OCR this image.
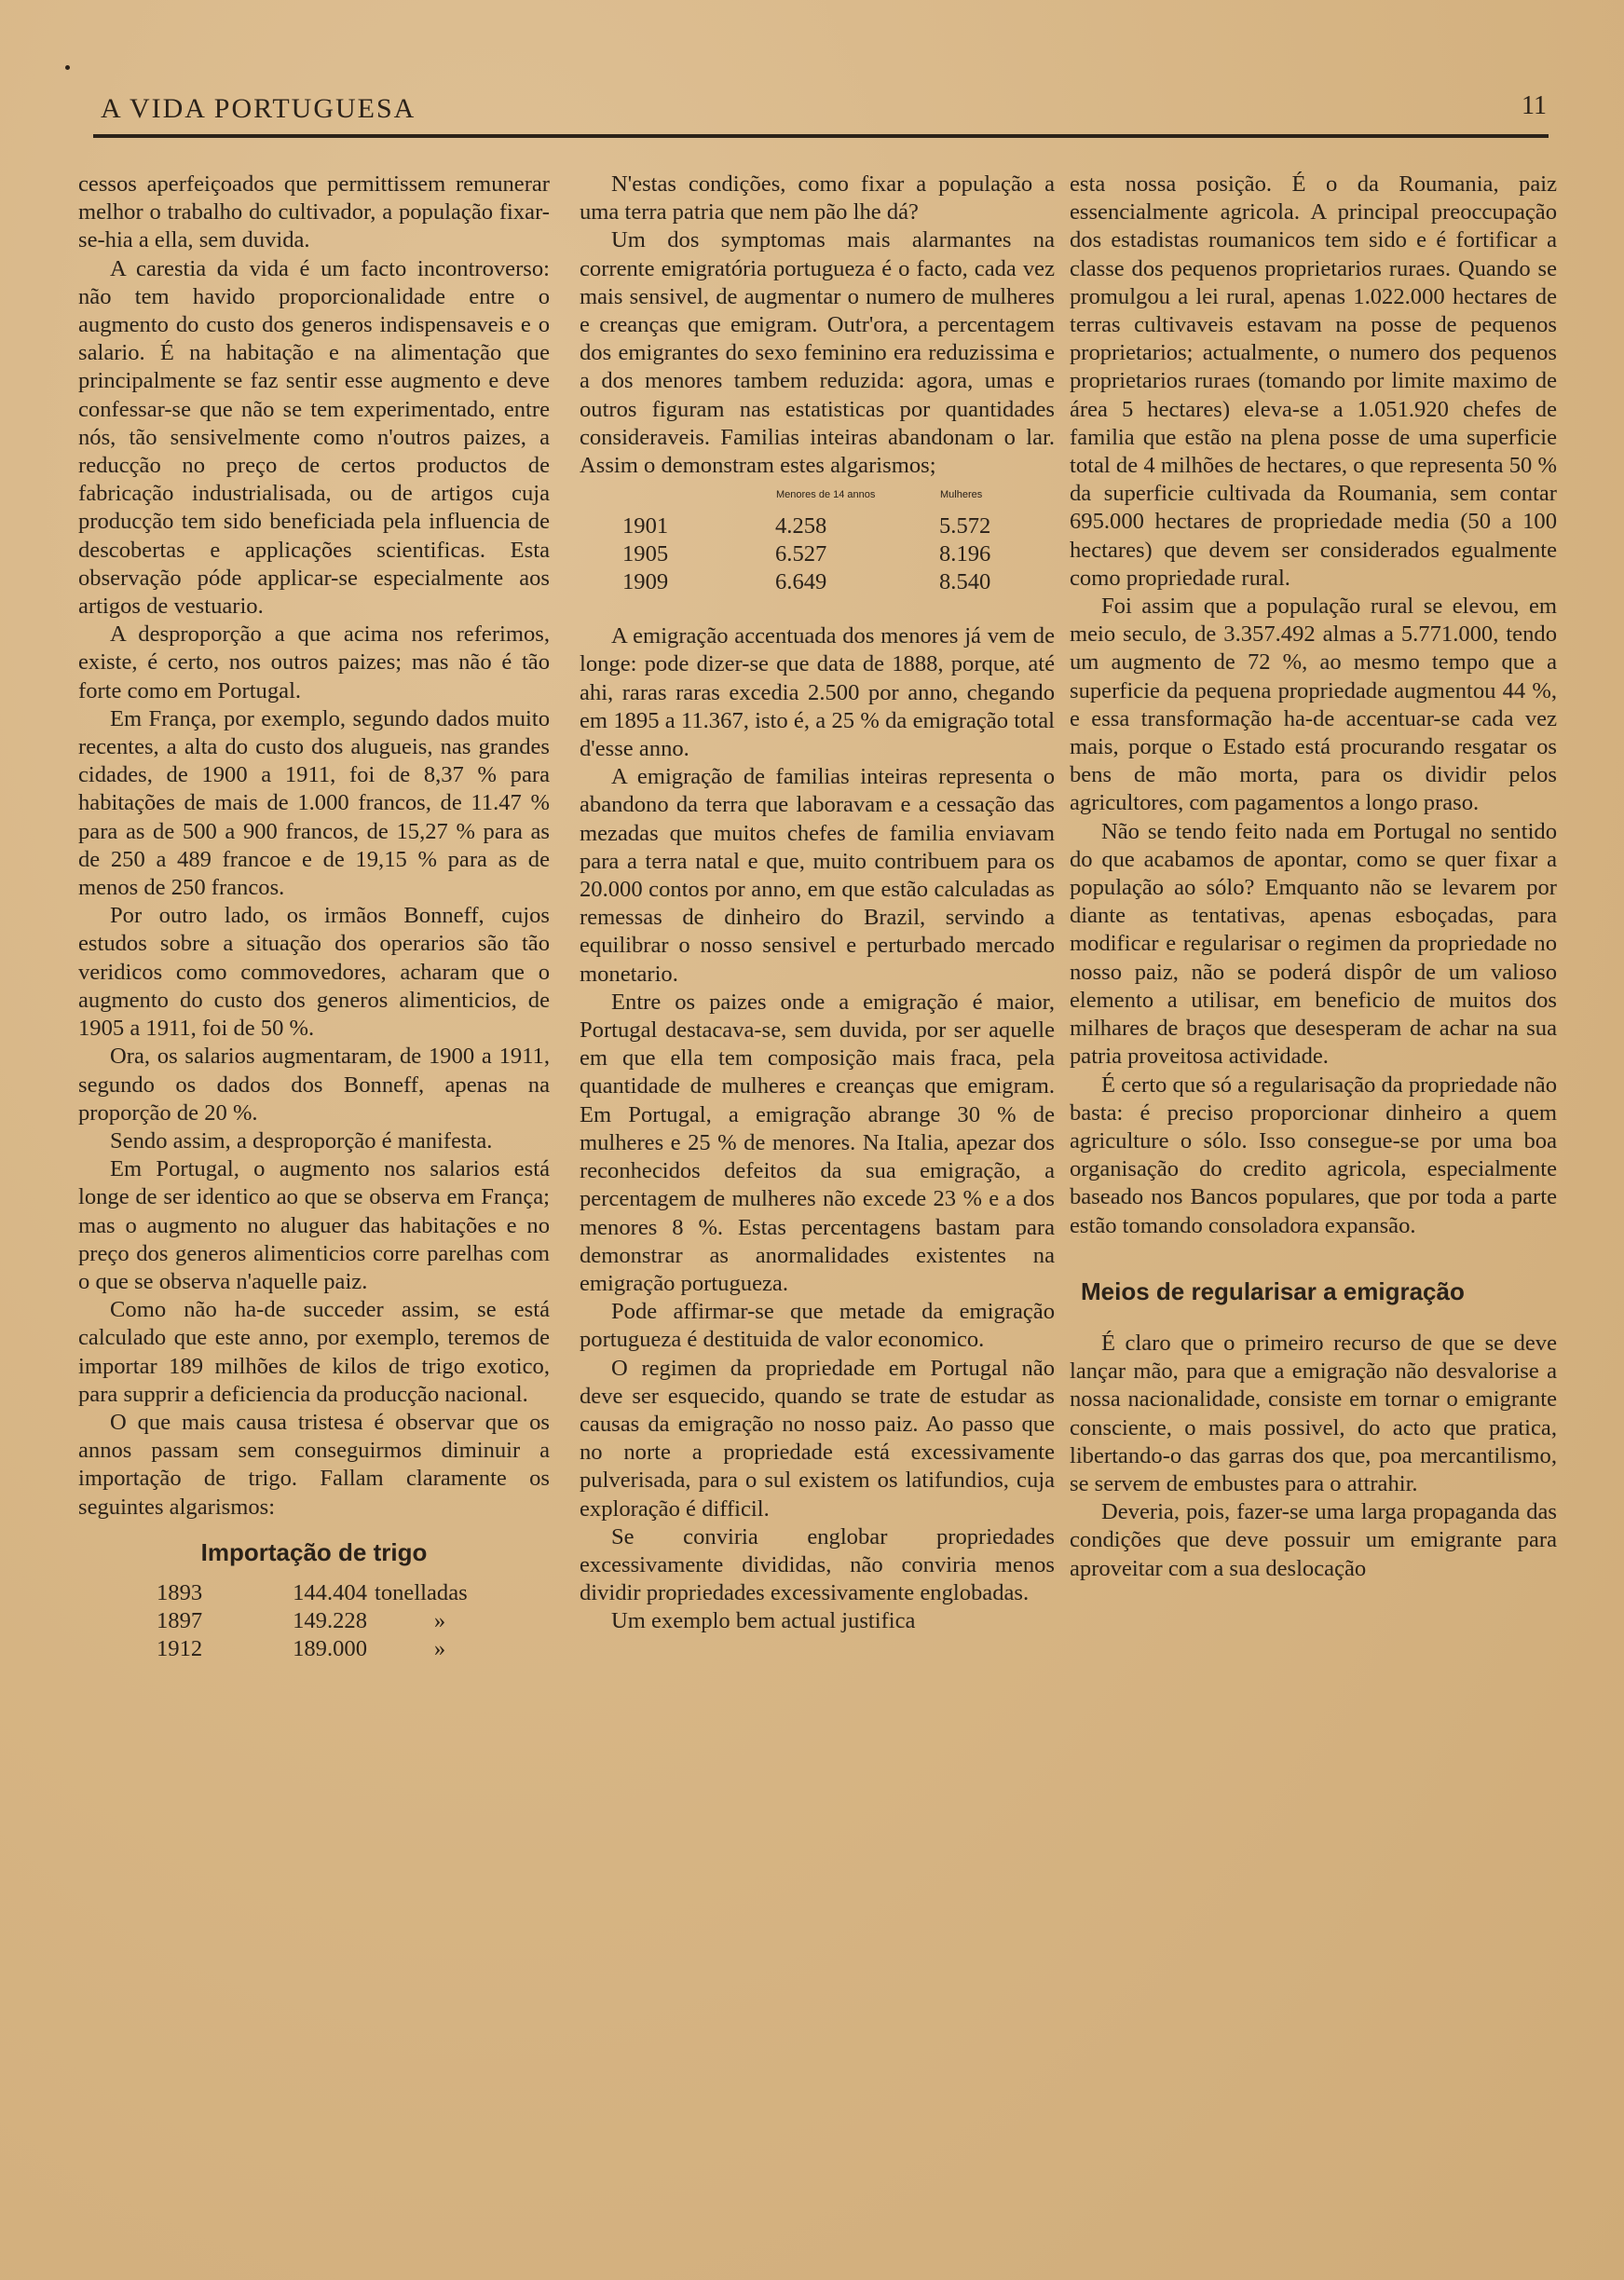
A VIDA PORTUGUESA	11

cessos aperfeiçoados que permittissem remunerar melhor o trabalho do cultivador, a população fixar-se-hia a ella, sem duvida.

A carestia da vida é um facto incontroverso: não tem havido proporcionalidade entre o augmento do custo dos generos indispensaveis e o salario. É na habitação e na alimentação que principalmente se faz sentir esse augmento e deve confessar-se que não se tem experimentado, entre nós, tão sensivelmente como n'outros paizes, a reducção no preço de certos productos de fabricação industrialisada, ou de artigos cuja producção tem sido beneficiada pela influencia de descobertas e applicações scientificas. Esta observação póde applicar-se especialmente aos artigos de vestuario.

A desproporção a que acima nos referimos, existe, é certo, nos outros paizes; mas não é tão forte como em Portugal.

Em França, por exemplo, segundo dados muito recentes, a alta do custo dos alugueis, nas grandes cidades, de 1900 a 1911, foi de 8,37 % para habitações de mais de 1.000 francos, de 11.47 % para as de 500 a 900 francos, de 15,27 % para as de 250 a 489 francoe e de 19,15 % para as de menos de 250 francos.

Por outro lado, os irmãos Bonneff, cujos estudos sobre a situação dos operarios são tão veridicos como commovedores, acharam que o augmento do custo dos generos alimenticios, de 1905 a 1911, foi de 50 %.

Ora, os salarios augmentaram, de 1900 a 1911, segundo os dados dos Bonneff, apenas na proporção de 20 %.

Sendo assim, a desproporção é manifesta.

Em Portugal, o augmento nos salarios está longe de ser identico ao que se observa em França; mas o augmento no aluguer das habitações e no preço dos generos alimenticios corre parelhas com o que se observa n'aquelle paiz.

Como não ha-de succeder assim, se está calculado que este anno, por exemplo, teremos de importar 189 milhões de kilos de trigo exotico, para supprir a deficiencia da producção nacional.

O que mais causa tristesa é observar que os annos passam sem conseguirmos diminuir a importação de trigo. Fallam claramente os seguintes algarismos:

Importação de trigo
1893	144.404	tonelladas
1897	149.228	»
1912	189.000	»

N'estas condições, como fixar a população a uma terra patria que nem pão lhe dá?

Um dos symptomas mais alarmantes na corrente emigratória portugueza é o facto, cada vez mais sensivel, de augmentar o numero de mulheres e creanças que emigram. Outr'ora, a percentagem dos emigrantes do sexo feminino era reduzissima e a dos menores tambem reduzida: agora, umas e outros figuram nas estatisticas por quantidades consideraveis. Familias inteiras abandonam o lar. Assim o demonstram estes algarismos;

	Menores de 14 annos	Mulheres
1901	4.258	5.572
1905	6.527	8.196
1909	6.649	8.540

A emigração accentuada dos menores já vem de longe: pode dizer-se que data de 1888, porque, até ahi, raras raras excedia 2.500 por anno, chegando em 1895 a 11.367, isto é, a 25 % da emigração total d'esse anno.

A emigração de familias inteiras representa o abandono da terra que laboravam e a cessação das mezadas que muitos chefes de familia enviavam para a terra natal e que, muito contribuem para os 20.000 contos por anno, em que estão calculadas as remessas de dinheiro do Brazil, servindo a equilibrar o nosso sensivel e perturbado mercado monetario.

Entre os paizes onde a emigração é maior, Portugal destacava-se, sem duvida, por ser aquelle em que ella tem composição mais fraca, pela quantidade de mulheres e creanças que emigram. Em Portugal, a emigração abrange 30 % de mulheres e 25 % de menores. Na Italia, apezar dos reconhecidos defeitos da sua emigração, a percentagem de mulheres não excede 23 % e a dos menores 8 %. Estas percentagens bastam para demonstrar as anormalidades existentes na emigração portugueza.

Pode affirmar-se que metade da emigração portugueza é destituida de valor economico.

O regimen da propriedade em Portugal não deve ser esquecido, quando se trate de estudar as causas da emigração no nosso paiz. Ao passo que no norte a propriedade está excessivamente pulverisada, para o sul existem os latifundios, cuja exploração é difficil.

Se conviria englobar propriedades excessivamente divididas, não conviria menos dividir propriedades excessivamente englobadas.

Um exemplo bem actual justifica

esta nossa posição. É o da Roumania, paiz essencialmente agricola. A principal preoccupação dos estadistas roumanicos tem sido e é fortificar a classe dos pequenos proprietarios ruraes. Quando se promulgou a lei rural, apenas 1.022.000 hectares de terras cultivaveis estavam na posse de pequenos proprietarios; actualmente, o numero dos pequenos proprietarios ruraes (tomando por limite maximo de área 5 hectares) eleva-se a 1.051.920 chefes de familia que estão na plena posse de uma superficie total de 4 milhões de hectares, o que representa 50 % da superficie cultivada da Roumania, sem contar 695.000 hectares de propriedade media (50 a 100 hectares) que devem ser considerados egualmente como propriedade rural.

Foi assim que a população rural se elevou, em meio seculo, de 3.357.492 almas a 5.771.000, tendo um augmento de 72 %, ao mesmo tempo que a superficie da pequena propriedade augmentou 44 %, e essa transformação ha-de accentuar-se cada vez mais, porque o Estado está procurando resgatar os bens de mão morta, para os dividir pelos agricultores, com pagamentos a longo praso.

Não se tendo feito nada em Portugal no sentido do que acabamos de apontar, como se quer fixar a população ao sólo? Emquanto não se levarem por diante as tentativas, apenas esboçadas, para modificar e regularisar o regimen da propriedade no nosso paiz, não se poderá dispôr de um valioso elemento a utilisar, em beneficio de muitos dos milhares de braços que desesperam de achar na sua patria proveitosa actividade.

É certo que só a regularisação da propriedade não basta: é preciso proporcionar dinheiro a quem agriculture o sólo. Isso consegue-se por uma boa organisação do credito agricola, especialmente baseado nos Bancos populares, que por toda a parte estão tomando consoladora expansão.

Meios de regularisar a emigração

É claro que o primeiro recurso de que se deve lançar mão, para que a emigração não desvalorise a nossa nacionalidade, consiste em tornar o emigrante consciente, o mais possivel, do acto que pratica, libertando-o das garras dos que, poa mercantilismo, se servem de embustes para o attrahir.

Deveria, pois, fazer-se uma larga propaganda das condições que deve possuir um emigrante para aproveitar com a sua deslocação
